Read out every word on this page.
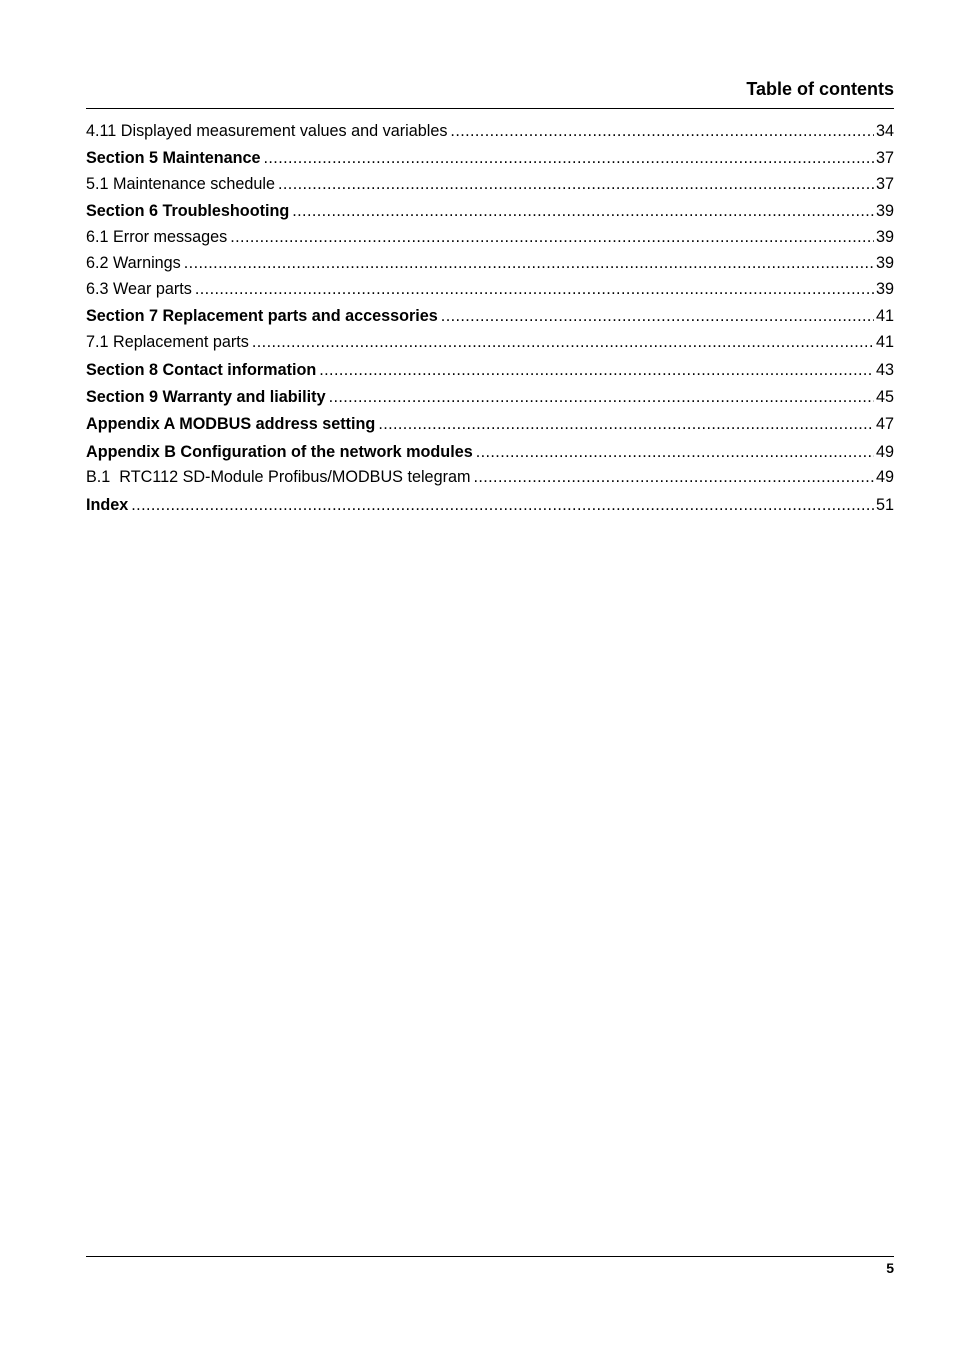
Table of contents
4.11 Displayed measurement values and variables .....	34
Section 5 Maintenance .....	37
5.1 Maintenance schedule .....	37
Section 6 Troubleshooting .....	39
6.1 Error messages .....	39
6.2 Warnings .....	39
6.3 Wear parts .....	39
Section 7 Replacement parts and accessories .....	41
7.1 Replacement parts .....	41
Section 8 Contact information .....	43
Section 9 Warranty and liability .....	45
Appendix A MODBUS address setting .....	47
Appendix B Configuration of the network modules .....	49
B.1  RTC112 SD-Module Profibus/MODBUS telegram .....	49
Index .....	51
5
